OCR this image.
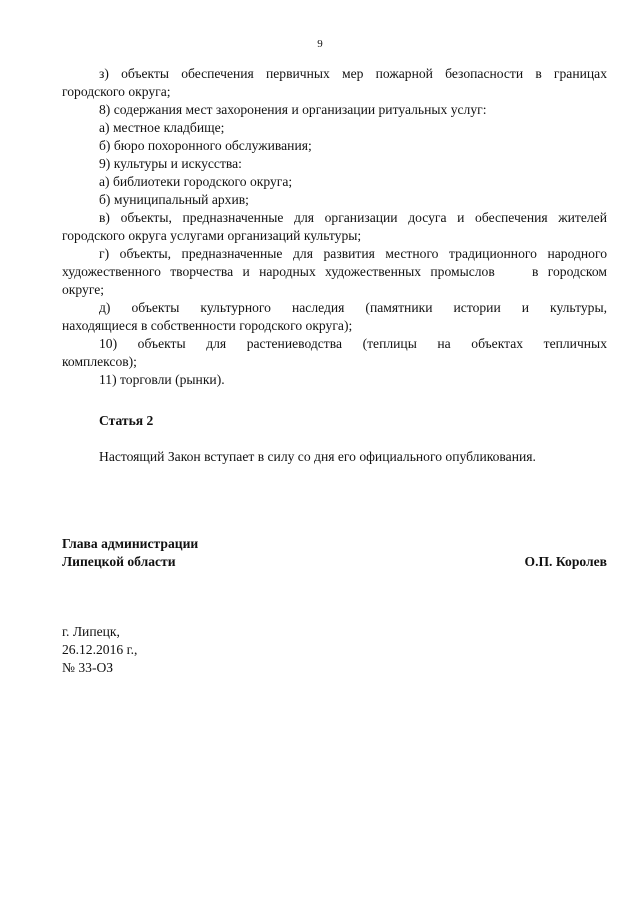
9
з) объекты обеспечения первичных мер пожарной безопасности в границах
городского округа;
8) содержания мест захоронения и организации ритуальных услуг:
а) местное кладбище;
б) бюро похоронного обслуживания;
9) культуры и искусства:
а) библиотеки городского округа;
б) муниципальный архив;
в) объекты, предназначенные для организации досуга и обеспечения жителей
городского округа услугами организаций культуры;
г) объекты, предназначенные для развития местного традиционного народного
художественного творчества и народных художественных промыслов    в городском
округе;
д) объекты культурного наследия (памятники истории и культуры,
находящиеся в собственности городского округа);
10) объекты для растениеводства (теплицы на объектах тепличных
комплексов);
11) торговли (рынки).
Статья 2
Настоящий Закон вступает в силу со дня его официального опубликования.
Глава администрации
Липецкой области	О.П. Королев
г. Липецк,
26.12.2016 г.,
№ 33-ОЗ
